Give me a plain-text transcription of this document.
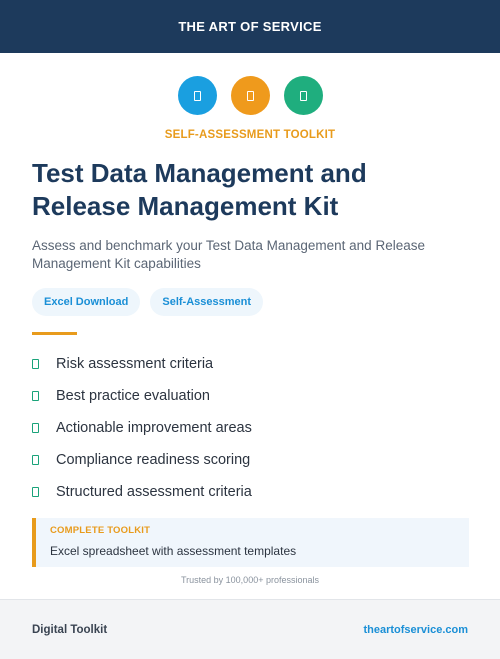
THE ART OF SERVICE
SELF-ASSESSMENT TOOLKIT
Test Data Management and Release Management Kit

Assess and benchmark your Test Data Management and Release Management Kit capabilities

Excel Download	Self-Assessment
Risk assessment criteria
Best practice evaluation
Actionable improvement areas
Compliance readiness scoring
Structured assessment criteria
COMPLETE TOOLKIT
Excel spreadsheet with assessment templates
Trusted by 100,000+ professionals
Digital Toolkit	theartofservice.com
